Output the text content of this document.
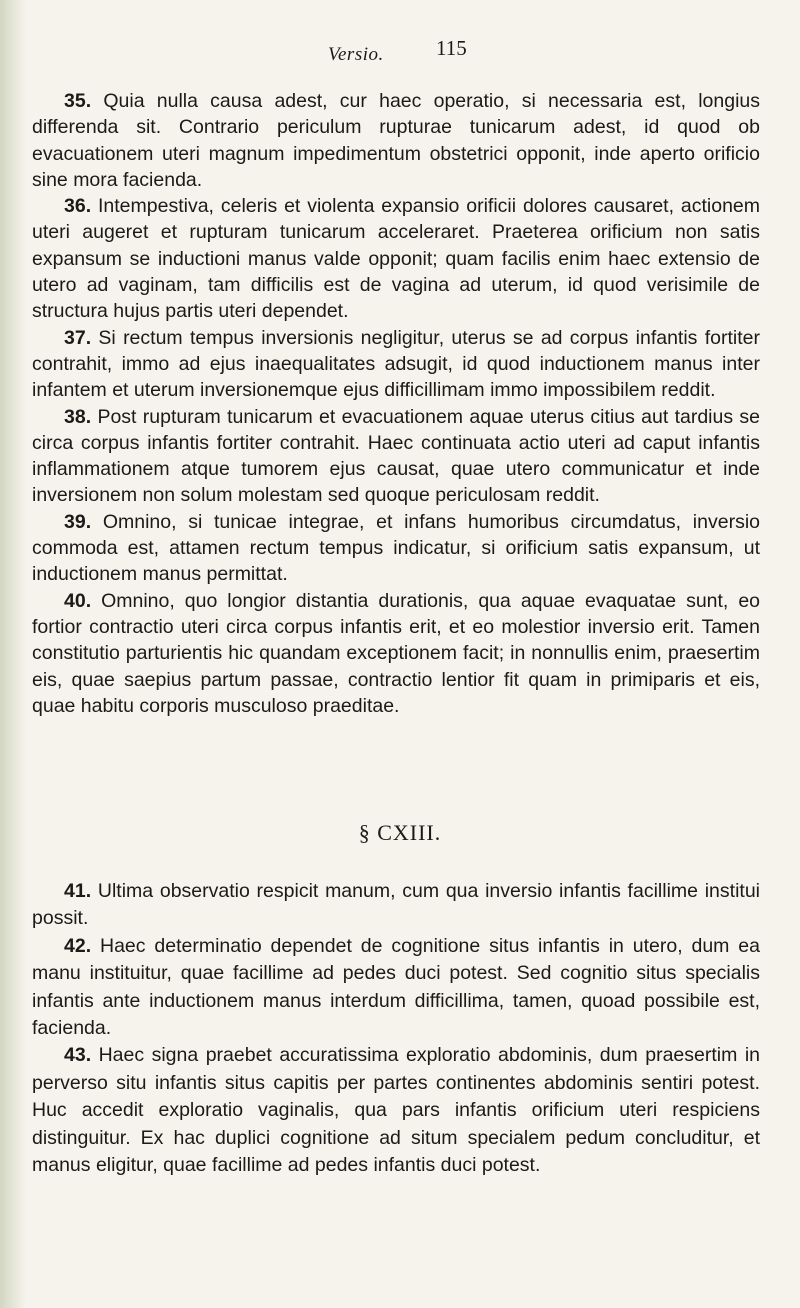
Versio. 115

35. Quia nulla causa adest, cur haec operatio, si necessaria est, longius differenda sit. Contrario periculum rupturae tunicarum adest, id quod ob evacuationem uteri magnum impedimentum obstetrici opponit, inde aperto orificio sine mora facienda.

36. Intempestiva, celeris et violenta expansio orificii dolores causaret, actionem uteri augeret et rupturam tunicarum acceleraret. Praeterea orificium non satis expansum se inductioni manus valde opponit; quam facilis enim haec extensio de utero ad vaginam, tam difficilis est de vagina ad uterum, id quod verisimile de structura hujus partis uteri dependet.

37. Si rectum tempus inversionis negligitur, uterus se ad corpus infantis fortiter contrahit, immo ad ejus inaequalitates adsugit, id quod inductionem manus inter infantem et uterum inversionemque ejus difficillimam immo impossibilem reddit.

38. Post rupturam tunicarum et evacuationem aquae uterus citius aut tardius se circa corpus infantis fortiter contrahit. Haec continuata actio uteri ad caput infantis inflammationem atque tumorem ejus causat, quae utero communicatur et inde inversionem non solum molestam sed quoque periculosam reddit.

39. Omnino, si tunicae integrae, et infans humoribus circumdatus, inversio commoda est, attamen rectum tempus indicatur, si orificium satis expansum, ut inductionem manus permittat.

40. Omnino, quo longior distantia durationis, qua aquae evaquatae sunt, eo fortior contractio uteri circa corpus infantis erit, et eo molestior inversio erit. Tamen constitutio parturientis hic quandam exceptionem facit; in nonnullis enim, praesertim eis, quae saepius partum passae, contractio lentior fit quam in primiparis et eis, quae habitu corporis musculoso praeditae.

§ CXIII.

41. Ultima observatio respicit manum, cum qua inversio infantis facillime institui possit.

42. Haec determinatio dependet de cognitione situs infantis in utero, dum ea manu instituitur, quae facillime ad pedes duci potest. Sed cognitio situs specialis infantis ante inductionem manus interdum difficillima, tamen, quoad possibile est, facienda.

43. Haec signa praebet accuratissima exploratio abdominis, dum praesertim in perverso situ infantis situs capitis per partes continentes abdominis sentiri potest. Huc accedit exploratio vaginalis, qua pars infantis orificium uteri respiciens distinguitur. Ex hac duplici cognitione ad situm specialem pedum concluditur, et manus eligitur, quae facillime ad pedes infantis duci potest.
